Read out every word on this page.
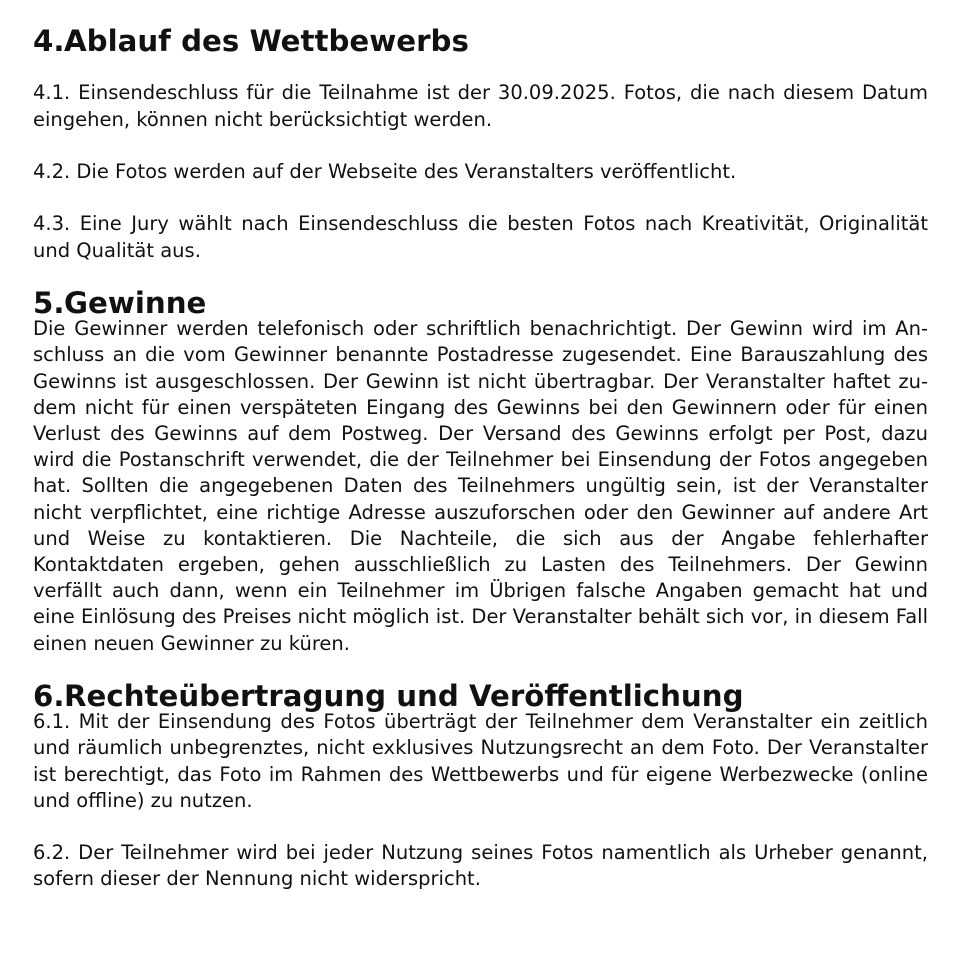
4.Ablauf des Wettbewerbs

4.1. Einsendeschluss für die Teilnahme ist der 30.09.2025. Fotos, die nach diesem Datum eingehen, können nicht berücksichtigt werden.

4.2. Die Fotos werden auf der Webseite des Veranstalters veröffentlicht.

4.3. Eine Jury wählt nach Einsendeschluss die besten Fotos nach Kreativität, Originalität und Qualität aus.

5.Gewinne

Die Gewinner werden telefonisch oder schriftlich benachrichtigt. Der Gewinn wird im Anschluss an die vom Gewinner benannte Postadresse zugesendet. Eine Barauszahlung des Gewinns ist ausgeschlossen. Der Gewinn ist nicht übertragbar. Der Veranstalter haftet zudem nicht für einen verspäteten Eingang des Gewinns bei den Gewinnern oder für einen Verlust des Gewinns auf dem Postweg. Der Versand des Gewinns erfolgt per Post, dazu wird die Postanschrift verwendet, die der Teilnehmer bei Einsendung der Fotos angegeben hat. Sollten die angegebenen Daten des Teilnehmers ungültig sein, ist der Veranstalter nicht verpflichtet, eine richtige Adresse auszuforschen oder den Gewinner auf andere Art und Weise zu kontaktieren. Die Nachteile, die sich aus der Angabe fehlerhafter Kontaktdaten ergeben, gehen ausschließlich zu Lasten des Teilnehmers. Der Gewinn verfällt auch dann, wenn ein Teilnehmer im Übrigen falsche Angaben gemacht hat und eine Einlösung des Preises nicht möglich ist. Der Veranstalter behält sich vor, in diesem Fall einen neuen Gewinner zu küren.

6.Rechteübertragung und Veröffentlichung

6.1. Mit der Einsendung des Fotos überträgt der Teilnehmer dem Veranstalter ein zeitlich und räumlich unbegrenztes, nicht exklusives Nutzungsrecht an dem Foto. Der Veranstalter ist berechtigt, das Foto im Rahmen des Wettbewerbs und für eigene Werbezwecke (online und offline) zu nutzen.

6.2. Der Teilnehmer wird bei jeder Nutzung seines Fotos namentlich als Urheber genannt, sofern dieser der Nennung nicht widerspricht.
